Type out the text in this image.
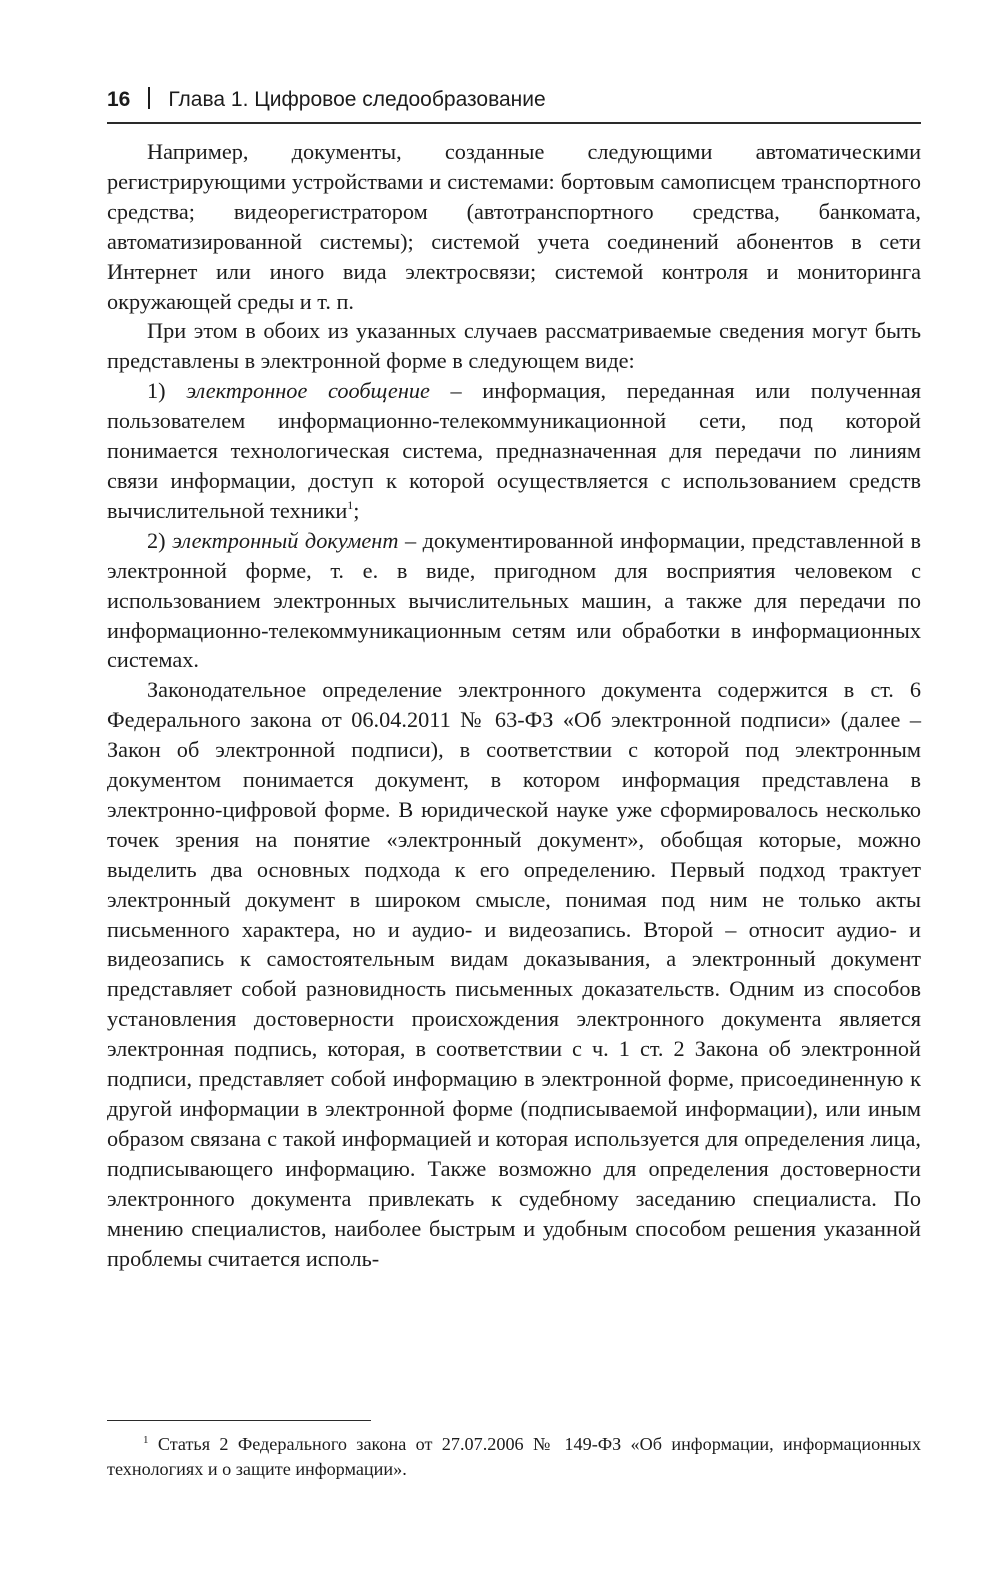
16 Глава 1. Цифровое следообразование

Например, документы, созданные следующими автоматическими регистрирующими устройствами и системами: бортовым самописцем транспортного средства; видеорегистратором (автотранспортного средства, банкомата, автоматизированной системы); системой учета соединений абонентов в сети Интернет или иного вида электросвязи; системой контроля и мониторинга окружающей среды и т. п.

При этом в обоих из указанных случаев рассматриваемые сведения могут быть представлены в электронной форме в следующем виде:

1) электронное сообщение – информация, переданная или полученная пользователем информационно-телекоммуникационной сети, под которой понимается технологическая система, предназначенная для передачи по линиям связи информации, доступ к которой осуществляется с использованием средств вычислительной техники$^1$;

2) электронный документ – документированной информации, представленной в электронной форме, т. е. в виде, пригодном для восприятия человеком с использованием электронных вычислительных машин, а также для передачи по информационно-телекоммуникационным сетям или обработки в информационных системах.

Законодательное определение электронного документа содержится в ст. 6 Федерального закона от 06.04.2011 № 63-ФЗ «Об электронной подписи» (далее – Закон об электронной подписи), в соответствии с которой под электронным документом понимается документ, в котором информация представлена в электронно-цифровой форме. В юридической науке уже сформировалось несколько точек зрения на понятие «электронный документ», обобщая которые, можно выделить два основных подхода к его определению. Первый подход трактует электронный документ в широком смысле, понимая под ним не только акты письменного характера, но и аудио- и видеозапись. Второй – относит аудио- и видеозапись к самостоятельным видам доказывания, а электронный документ представляет собой разновидность письменных доказательств. Одним из способов установления достоверности происхождения электронного документа является электронная подпись, которая, в соответствии с ч. 1 ст. 2 Закона об электронной подписи, представляет собой информацию в электронной форме, присоединенную к другой информации в электронной форме (подписываемой информации), или иным образом связана с такой информацией и которая используется для определения лица, подписывающего информацию. Также возможно для определения достоверности электронного документа привлекать к судебному заседанию специалиста. По мнению специалистов, наиболее быстрым и удобным способом решения указанной проблемы считается исполь-

$^1$ Статья 2 Федерального закона от 27.07.2006 № 149-ФЗ «Об информации, информационных технологиях и о защите информации».
